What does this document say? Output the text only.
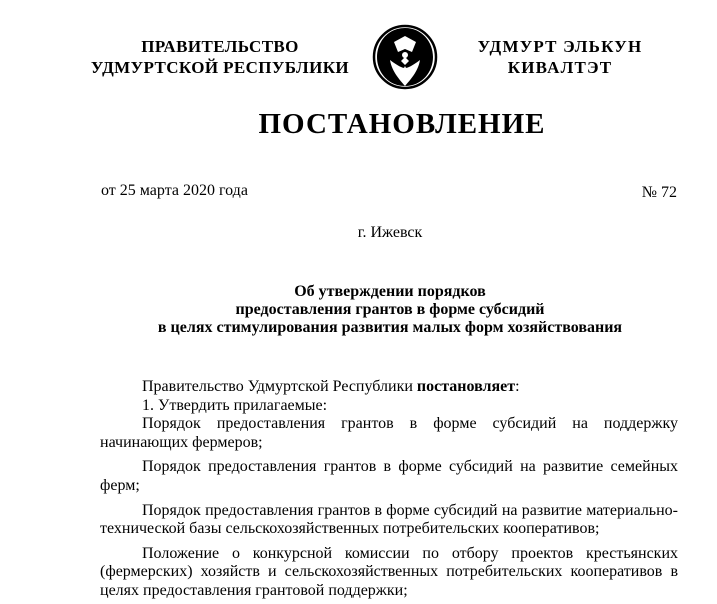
ПРАВИТЕЛЬСТВО
УДМУРТСКОЙ РЕСПУБЛИКИ
УДМУРТ ЭЛЬКУН
КИВАЛТЭТ
ПОСТАНОВЛЕНИЕ
от 25 марта 2020 года	№ 72
г. Ижевск
Об утверждении порядков
предоставления грантов в форме субсидий
в целях стимулирования развития малых форм хозяйствования

Правительство Удмуртской Республики постановляет:

1. Утвердить прилагаемые:

Порядок предоставления грантов в форме субсидий на поддержку начинающих фермеров;

Порядок предоставления грантов в форме субсидий на развитие семейных ферм;

Порядок предоставления грантов в форме субсидий на развитие материально-технической базы сельскохозяйственных потребительских кооперативов;

Положение о конкурсной комиссии по отбору проектов крестьянских (фермерских) хозяйств и сельскохозяйственных потребительских кооперативов в целях предоставления грантовой поддержки;
